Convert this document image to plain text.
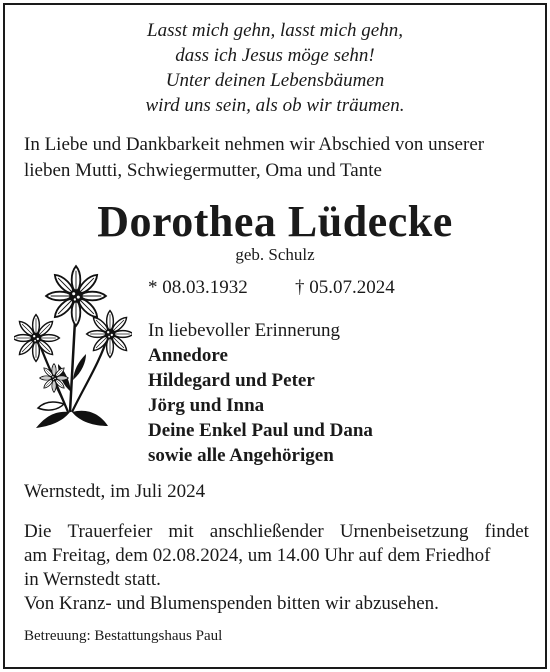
Lasst mich gehn, lasst mich gehn,
dass ich Jesus möge sehn!
Unter deinen Lebensbäumen
wird uns sein, als ob wir träumen.
In Liebe und Dankbarkeit nehmen wir Abschied von unserer
lieben Mutti, Schwiegermutter, Oma und Tante
Dorothea Lüdecke
geb. Schulz
* 08.03.1932 † 05.07.2024
In liebevoller Erinnerung
Annedore
Hildegard und Peter
Jörg und Inna
Deine Enkel Paul und Dana
sowie alle Angehörigen
Wernstedt, im Juli 2024
Die Trauerfeier mit anschließender Urnenbeisetzung findet
am Freitag, dem 02.08.2024, um 14.00 Uhr auf dem Friedhof
in Wernstedt statt.
Von Kranz- und Blumenspenden bitten wir abzusehen.
Betreuung: Bestattungshaus Paul
